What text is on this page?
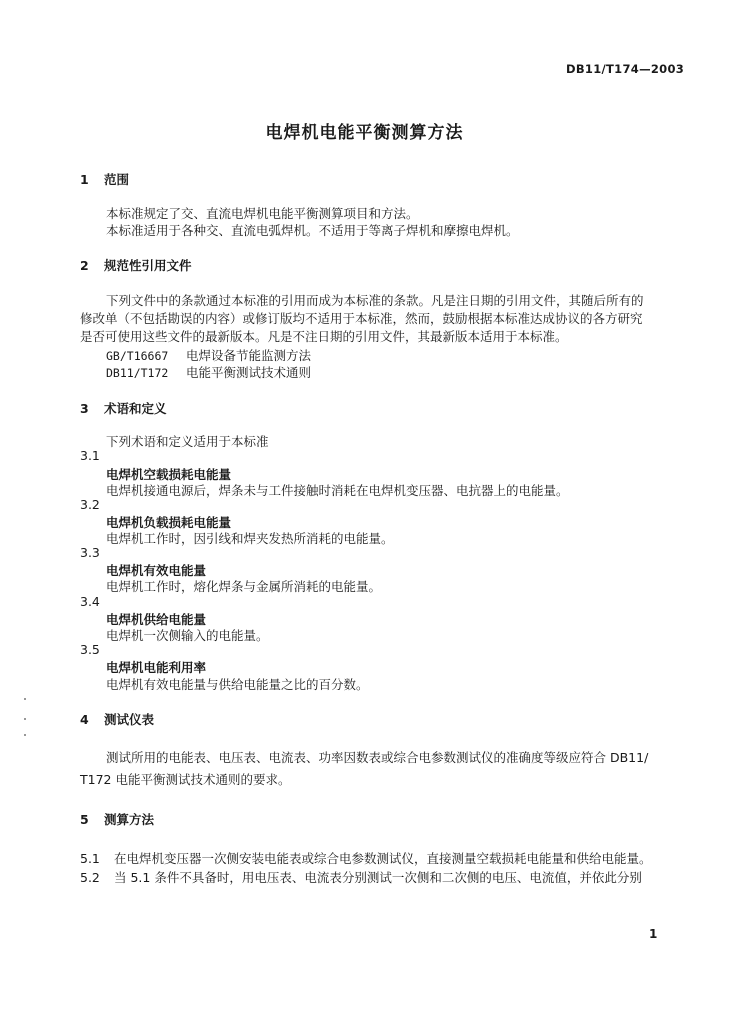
DB11/T174—2003
电焊机电能平衡测算方法
1 范围
本标准规定了交、直流电焊机电能平衡测算项目和方法。
本标准适用于各种交、直流电弧焊机。不适用于等离子焊机和摩擦电焊机。
2 规范性引用文件
下列文件中的条款通过本标准的引用而成为本标准的条款。凡是注日期的引用文件，其随后所有的
修改单（不包括勘误的内容）或修订版均不适用于本标准，然而，鼓励根据本标准达成协议的各方研究
是否可使用这些文件的最新版本。凡是不注日期的引用文件，其最新版本适用于本标准。
GB/T16667 电焊设备节能监测方法
DB11/T172 电能平衡测试技术通则
3 术语和定义
下列术语和定义适用于本标准
3.1
电焊机空载损耗电能量
电焊机接通电源后，焊条未与工件接触时消耗在电焊机变压器、电抗器上的电能量。
3.2
电焊机负载损耗电能量
电焊机工作时，因引线和焊夹发热所消耗的电能量。
3.3
电焊机有效电能量
电焊机工作时，熔化焊条与金属所消耗的电能量。
3.4
电焊机供给电能量
电焊机一次侧输入的电能量。
3.5
电焊机电能利用率
电焊机有效电能量与供给电能量之比的百分数。
4 测试仪表
测试所用的电能表、电压表、电流表、功率因数表或综合电参数测试仪的准确度等级应符合 DB11/
T172 电能平衡测试技术通则的要求。
5 测算方法
5.1 在电焊机变压器一次侧安装电能表或综合电参数测试仪，直接测量空载损耗电能量和供给电能量。
5.2 当 5.1 条件不具备时，用电压表、电流表分别测试一次侧和二次侧的电压、电流值，并依此分别
1
